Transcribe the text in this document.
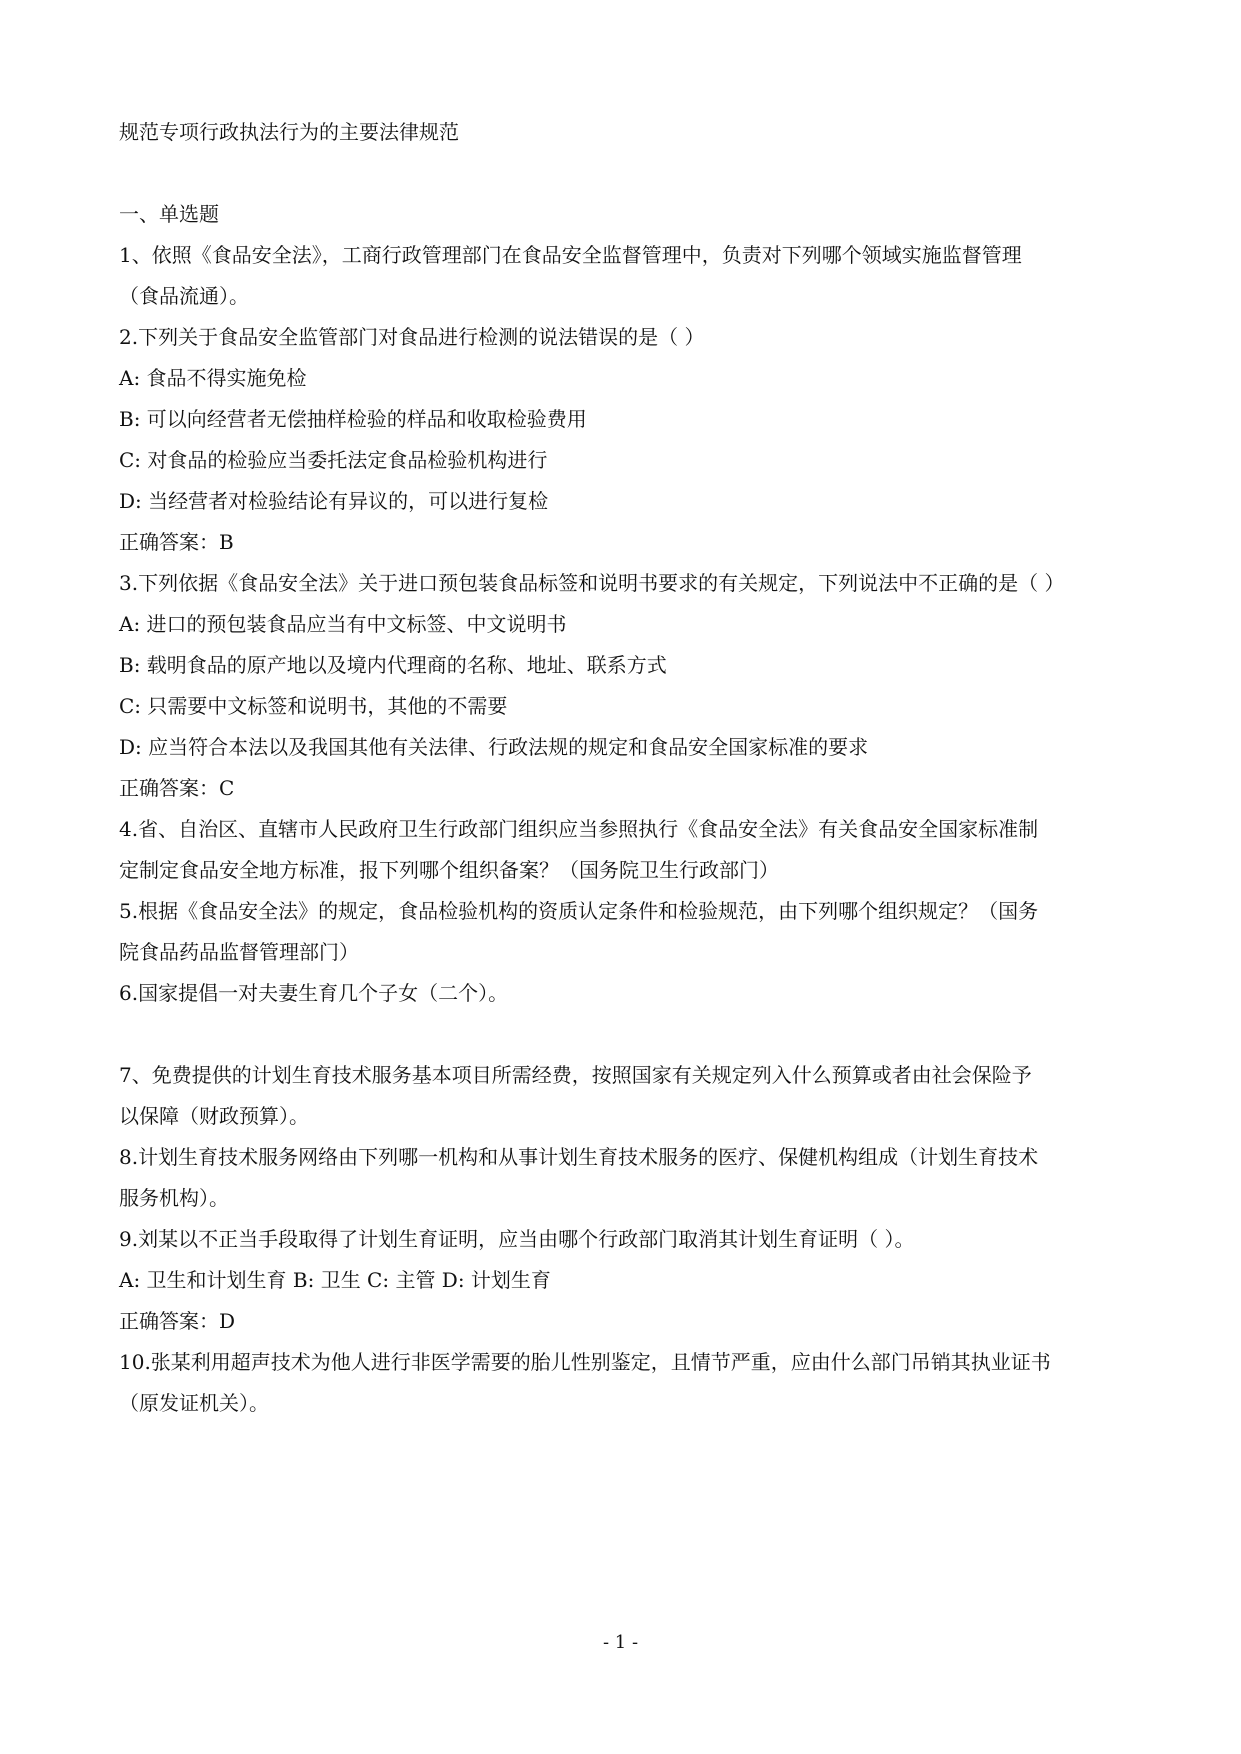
规范专项行政执法行为的主要法律规范
一、单选题
1、依照《食品安全法》，工商行政管理部门在食品安全监督管理中，负责对下列哪个领域实施监督管理
（食品流通）。
2.下列关于食品安全监管部门对食品进行检测的说法错误的是（ ）
A: 食品不得实施免检
B: 可以向经营者无偿抽样检验的样品和收取检验费用
C: 对食品的检验应当委托法定食品检验机构进行
D: 当经营者对检验结论有异议的，可以进行复检
正确答案：B
3.下列依据《食品安全法》关于进口预包装食品标签和说明书要求的有关规定，下列说法中不正确的是（ ）
A: 进口的预包装食品应当有中文标签、中文说明书
B: 载明食品的原产地以及境内代理商的名称、地址、联系方式
C: 只需要中文标签和说明书，其他的不需要
D: 应当符合本法以及我国其他有关法律、行政法规的规定和食品安全国家标准的要求
正确答案：C
4.省、自治区、直辖市人民政府卫生行政部门组织应当参照执行《食品安全法》有关食品安全国家标准制
定制定食品安全地方标准，报下列哪个组织备案？（国务院卫生行政部门）
5.根据《食品安全法》的规定，食品检验机构的资质认定条件和检验规范，由下列哪个组织规定？（国务
院食品药品监督管理部门）
6.国家提倡一对夫妻生育几个子女（二个）。
7、免费提供的计划生育技术服务基本项目所需经费，按照国家有关规定列入什么预算或者由社会保险予
以保障（财政预算）。
8.计划生育技术服务网络由下列哪一机构和从事计划生育技术服务的医疗、保健机构组成（计划生育技术
服务机构）。
9.刘某以不正当手段取得了计划生育证明，应当由哪个行政部门取消其计划生育证明（ ）。
A: 卫生和计划生育 B: 卫生 C: 主管 D: 计划生育
正确答案：D
10.张某利用超声技术为他人进行非医学需要的胎儿性别鉴定，且情节严重，应由什么部门吊销其执业证书
（原发证机关）。
- 1 -
